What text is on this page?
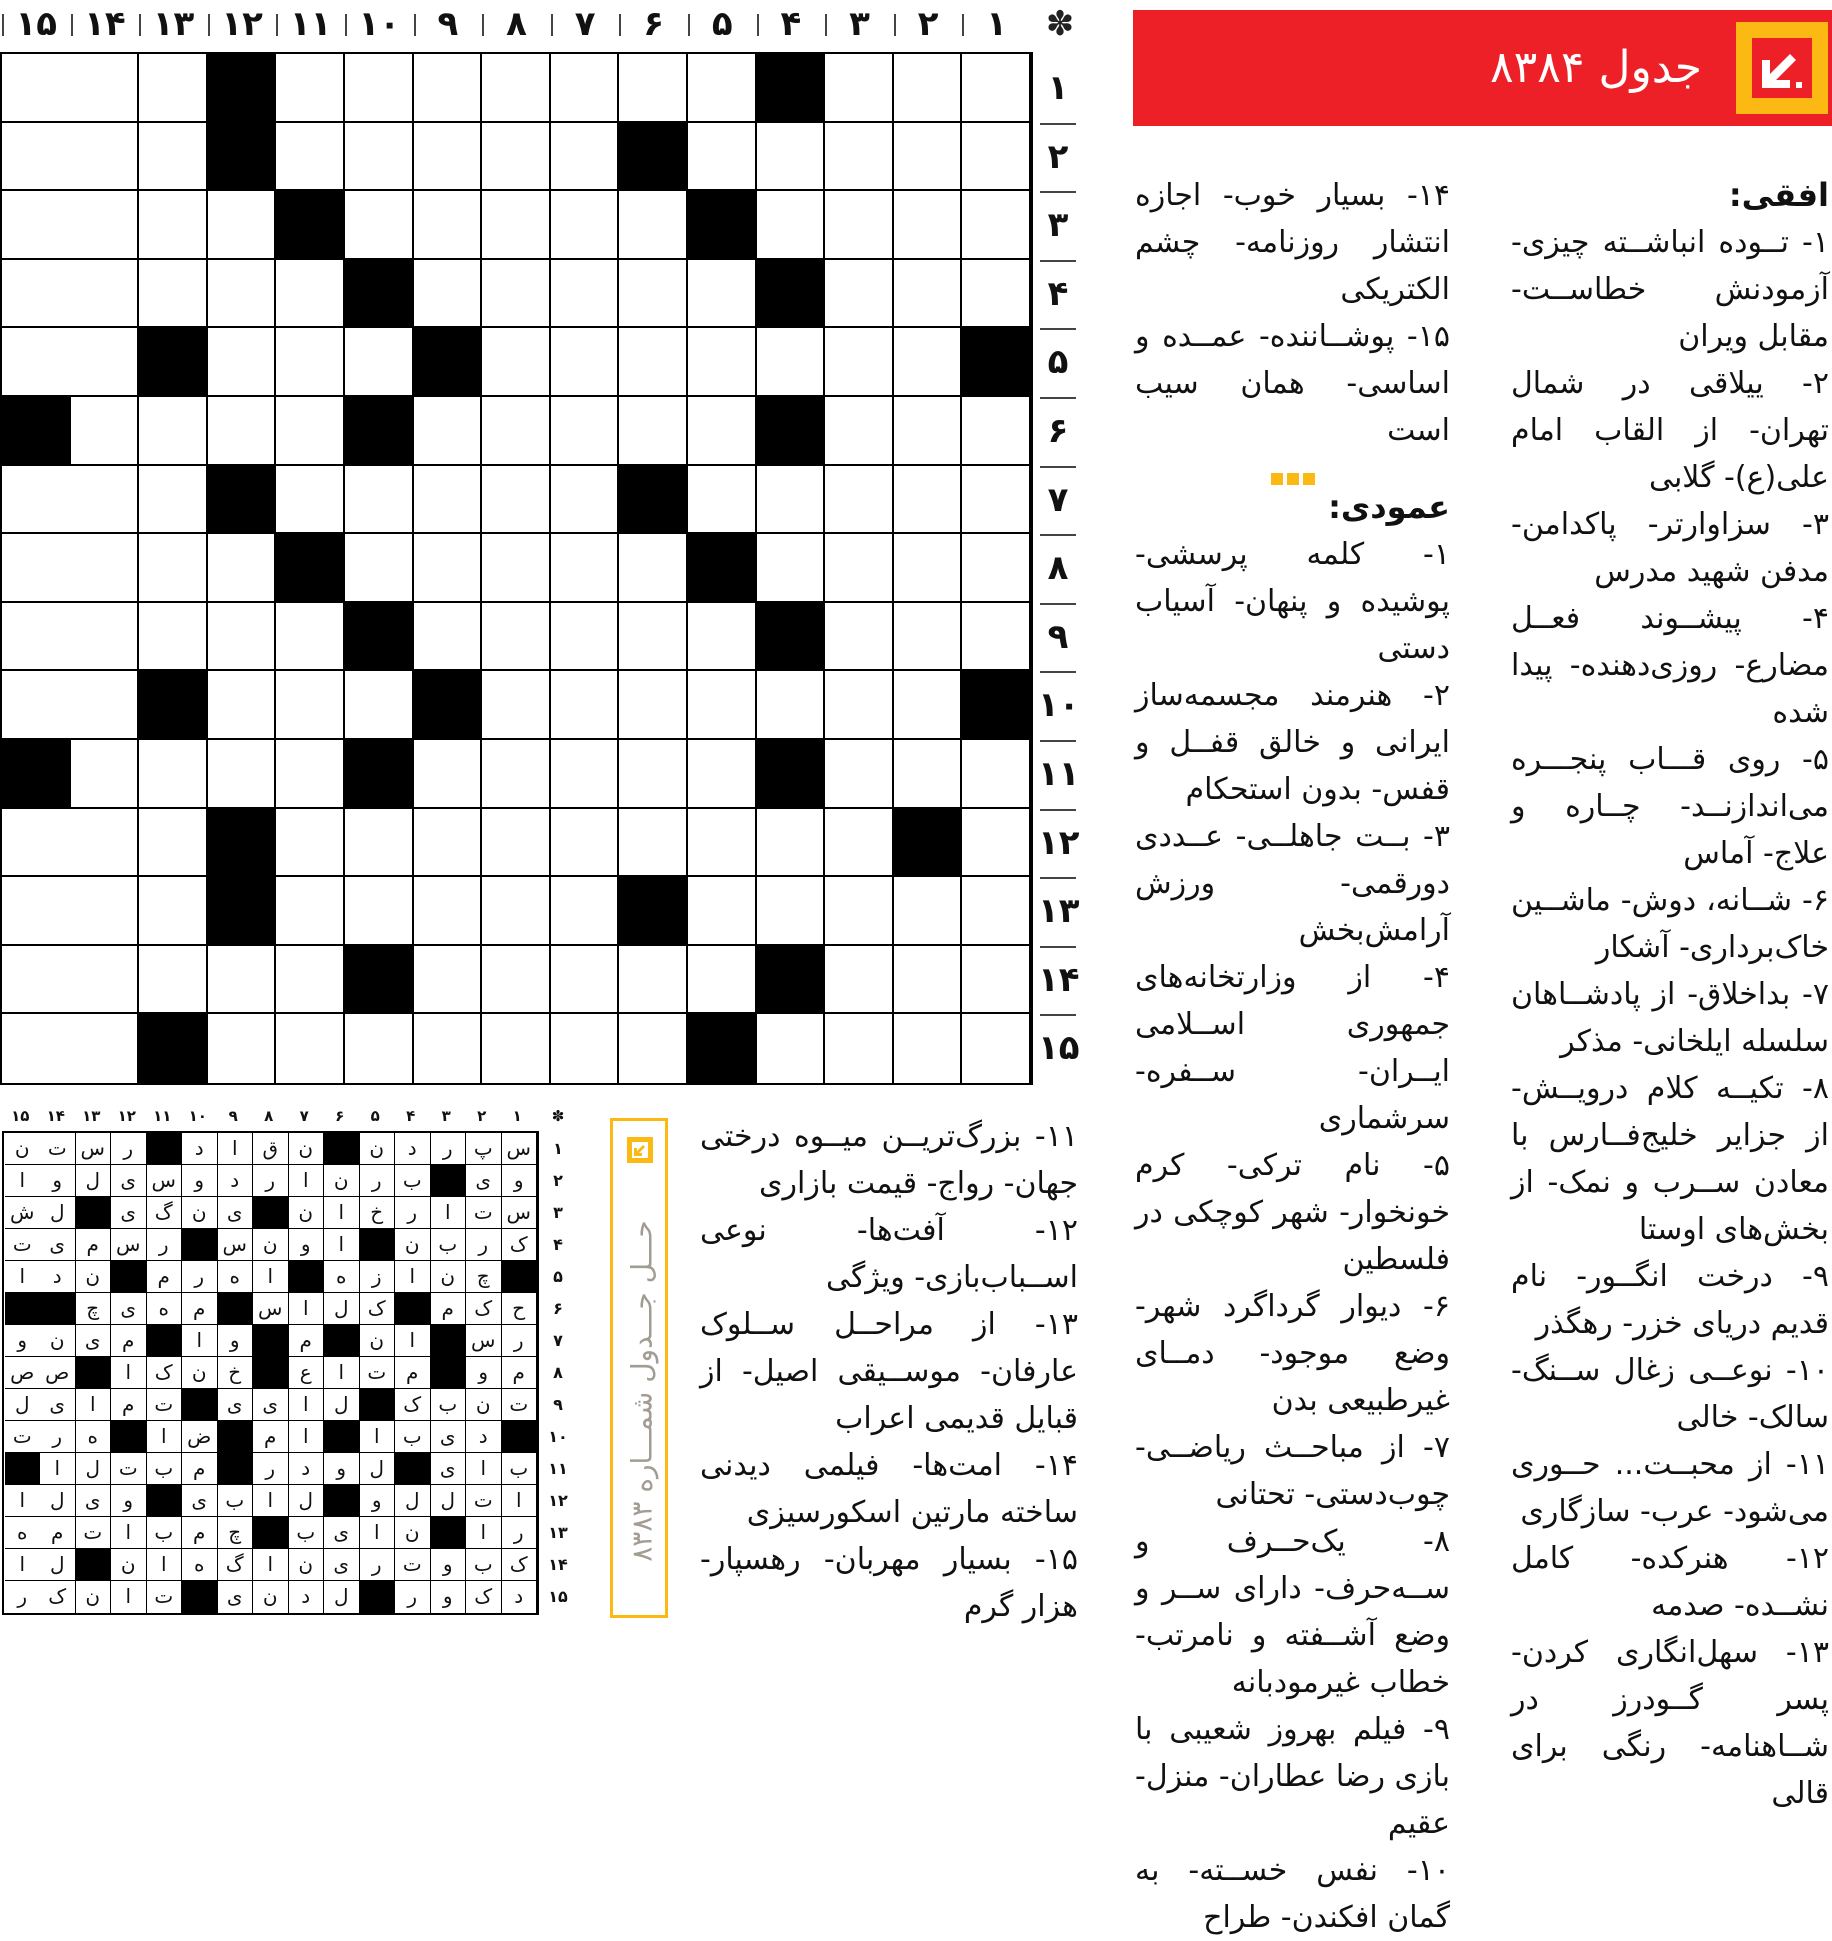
۱
۲
۳
۴
۵
۶
۷
۸
۹
۱۰
۱۱
۱۲
۱۳
۱۴
۱۵	✽
۱
۲
۳
۴
۵
۶
۷
۸
۹
۱۰
۱۱
۱۲
۱۳
۱۴
۱۵
جدول ۸۳۸۴

افقی:

۱- تــوده انباشــته چیزی- آزمودنش خطاســت- مقابل ویران

۲- ییلاقی در شمال تهران- از القاب امام علی(ع)- گلابی

۳- سزاوارتر- پاکدامن- مدفن شهید مدرس

۴- پیشــوند فعــل مضارع- روزی‌دهنده- پیدا شده

۵- روی قـــاب پنجـــره می‌اندازنــد- چــاره و علاج- آماس

۶- شــانه، دوش- ماشــین خاک‌برداری- آشکار

۷- بداخلاق- از پادشــاهان سلسله ایلخانی- مذکر

۸- تکیــه کلام درویــش- از جزایر خلیج‌فــارس با معادن ســرب و نمک- از بخش‌های اوستا

۹- درخت انگــور- نام قدیم دریای خزر- رهگذر

۱۰- نوعــی زغال ســنگ- سالک- خالی

۱۱- از محبــت... حــوری می‌شود- عرب- سازگاری

۱۲- هنرکده- کامل نشــده- صدمه

۱۳- سهل‌انگاری کردن- پسر گــودرز در شــاهنامه- رنگی برای قالی

۱۴- بسیار خوب- اجازه انتشار روزنامه- چشم الکتریکی

۱۵- پوشــاننده- عمــده و اساسی- همان سیب است

عمودی:

۱- کلمه پرسشی- پوشیده و پنهان- آسیاب دستی

۲- هنرمند مجسمه‌ساز ایرانی و خالق قفــل و قفس- بدون استحکام

۳- بــت جاهلــی- عــددی دورقمی- ورزش آرامش‌بخش

۴- از وزارتخانه‌های جمهوری اســلامی ایــران- ســفره- سرشماری

۵- نام ترکی- کرم خونخوار- شهر کوچکی در فلسطین

۶- دیوار گرداگرد شهر- وضع موجود- دمــای غیرطبیعی بدن

۷- از مباحــث ریاضــی- چوب‌دستی- تحتانی

۸- یک‌حــرف و ســه‌حرف- دارای ســر و وضع آشــفته و نامرتب- خطاب غیرمودبانه

۹- فیلم بهروز شعیبی با بازی رضا عطاران- منزل- عقیم

۱۰- نفس خســته- به گمان افکندن- طراح

۱۱- بزرگ‌تریــن میــوه درختی جهان- رواج- قیمت بازاری

۱۲- آفت‌ها- نوعی اســباب‌بازی- ویژگی

۱۳- از مراحــل ســلوک عارفان- موســیقی اصیل- از قبایل قدیمی اعراب

۱۴- امت‌ها- فیلمی دیدنی ساخته مارتین اسکورسیزی

۱۵- بسیار مهربان- رهسپار- هزار گرم

حـــل جـــدول شمـــاره ۸۳۸۳
۱
۲
۳
۴
۵
۶
۷
۸
۹
۱۰
۱۱
۱۲
۱۳
۱۴
۱۵	✽
س
پ
ر
د
ن
ن
ق
ا
د
ر
س
ت
ن
و
ی
ب
ر
ن
ا
ر
د
و
س
ی
ل
و
ا
س
ت
ا
ر
خ
ا
ن
ی
ن
گ
ی
ل
ش
ک
ر
ب
ن
ا
و
ن
س
ر
س
م
ی
ت
چ
ن
ا
ز
ه
ا
ه
ر
م
ن
د
ا
ح
ک
م
ک
ل
ا
س
م
ه
ی
چ
ر
س
ا
ن
م
و
ا
م
ی
ن
و
م
و
م
ت
ا
ع
خ
ن
ک
ا
ص
ص
ت
ن
ب
ک
ل
ا
ی
ی
ت
م
ا
ی
ل
د
ی
ب
ا
ا
م
ض
ا
ه
ر
ت
ب
ا
ی
ل
و
د
ر
م
ب
ت
ل
ا
ا
ت
ل
ل
و
ل
ا
ب
ی
و
ی
ل
ا
ر
ا
ن
ا
ی
ب
چ
م
ب
ا
ت
م
ه
ک
ب
و
ت
ر
ی
ن
ا
گ
ه
ا
ن
ل
ا
د
ک
و
ر
ل
د
ن
ی
ت
ا
ن
ک
ر
۱
۲
۳
۴
۵
۶
۷
۸
۹
۱۰
۱۱
۱۲
۱۳
۱۴
۱۵
